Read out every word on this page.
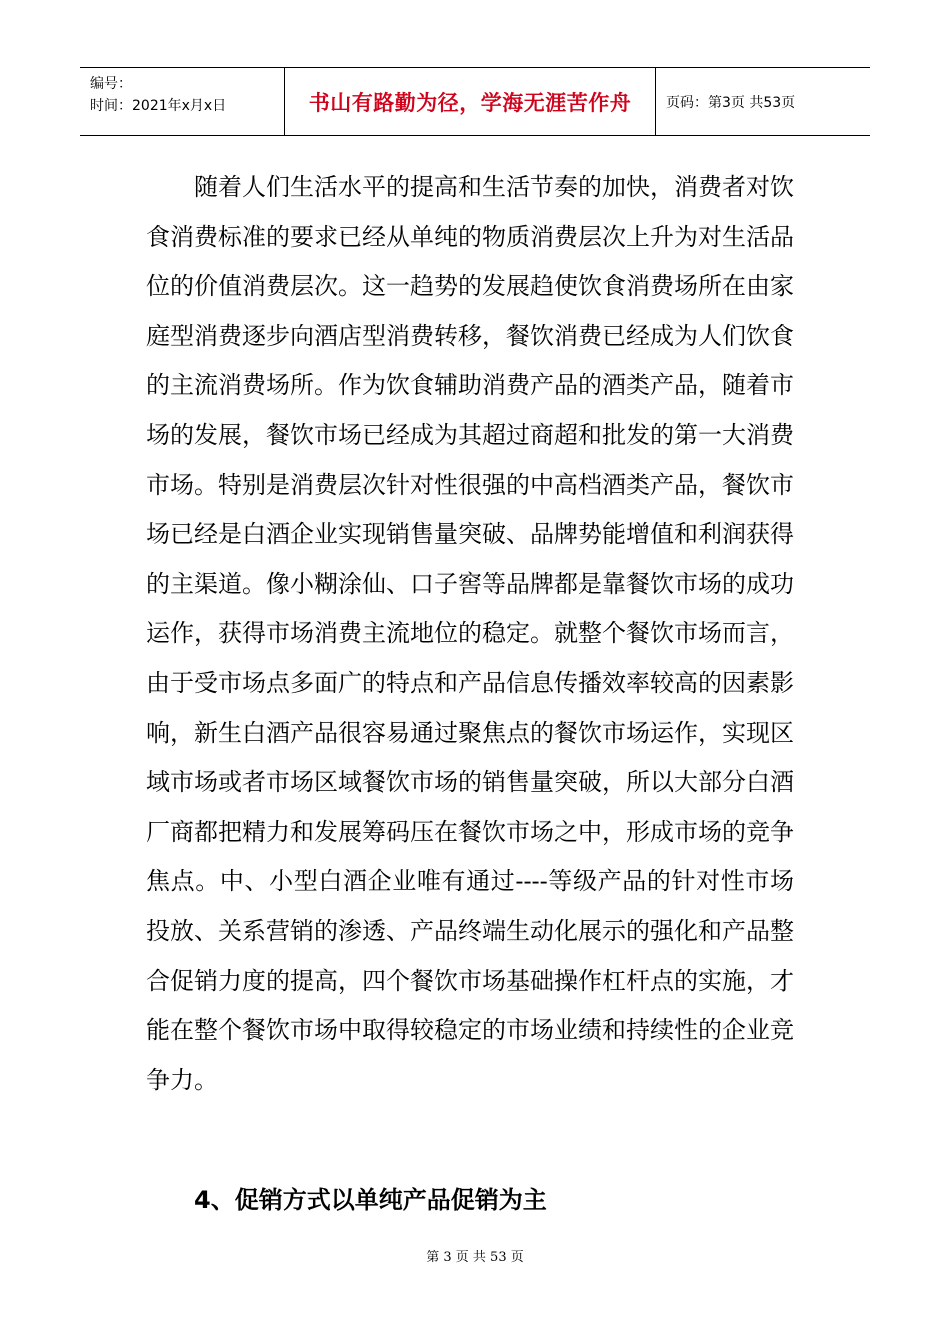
编号：
时间：2021年x月x日	书山有路勤为径，学海无涯苦作舟	页码：第3页 共53页

随着人们生活水平的提高和生活节奏的加快，消费者对饮食消费标准的要求已经从单纯的物质消费层次上升为对生活品位的价值消费层次。这一趋势的发展趋使饮食消费场所在由家庭型消费逐步向酒店型消费转移，餐饮消费已经成为人们饮食的主流消费场所。作为饮食辅助消费产品的酒类产品，随着市场的发展，餐饮市场已经成为其超过商超和批发的第一大消费市场。特别是消费层次针对性很强的中高档酒类产品，餐饮市场已经是白酒企业实现销售量突破、品牌势能增值和利润获得的主渠道。像小糊涂仙、口子窖等品牌都是靠餐饮市场的成功运作，获得市场消费主流地位的稳定。就整个餐饮市场而言，由于受市场点多面广的特点和产品信息传播效率较高的因素影响，新生白酒产品很容易通过聚焦点的餐饮市场运作，实现区域市场或者市场区域餐饮市场的销售量突破，所以大部分白酒厂商都把精力和发展筹码压在餐饮市场之中，形成市场的竞争焦点。中、小型白酒企业唯有通过----等级产品的针对性市场投放、关系营销的渗透、产品终端生动化展示的强化和产品整合促销力度的提高，四个餐饮市场基础操作杠杆点的实施，才能在整个餐饮市场中取得较稳定的市场业绩和持续性的企业竞争力。

4、促销方式以单纯产品促销为主
第 3 页 共 53 页
